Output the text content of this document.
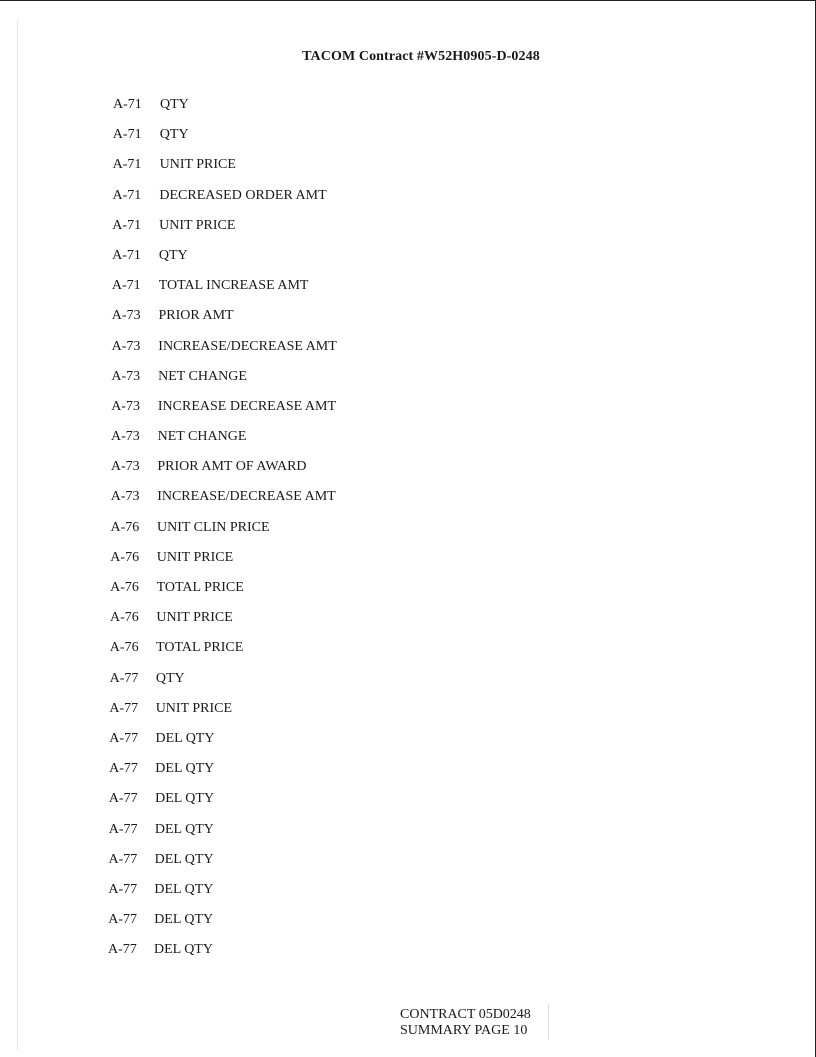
TACOM Contract #W52H0905-D-0248
A-71 QTY
A-71 QTY
A-71 UNIT PRICE
A-71 DECREASED ORDER AMT
A-71 UNIT PRICE
A-71 QTY
A-71 TOTAL INCREASE AMT
A-73 PRIOR AMT
A-73 INCREASE/DECREASE AMT
A-73 NET CHANGE
A-73 INCREASE DECREASE AMT
A-73 NET CHANGE
A-73 PRIOR AMT OF AWARD
A-73 INCREASE/DECREASE AMT
A-76 UNIT CLIN PRICE
A-76 UNIT PRICE
A-76 TOTAL PRICE
A-76 UNIT PRICE
A-76 TOTAL PRICE
A-77 QTY
A-77 UNIT PRICE
A-77 DEL QTY
A-77 DEL QTY
A-77 DEL QTY
A-77 DEL QTY
A-77 DEL QTY
A-77 DEL QTY
A-77 DEL QTY
A-77 DEL QTY
CONTRACT 05D0248
SUMMARY PAGE 10
